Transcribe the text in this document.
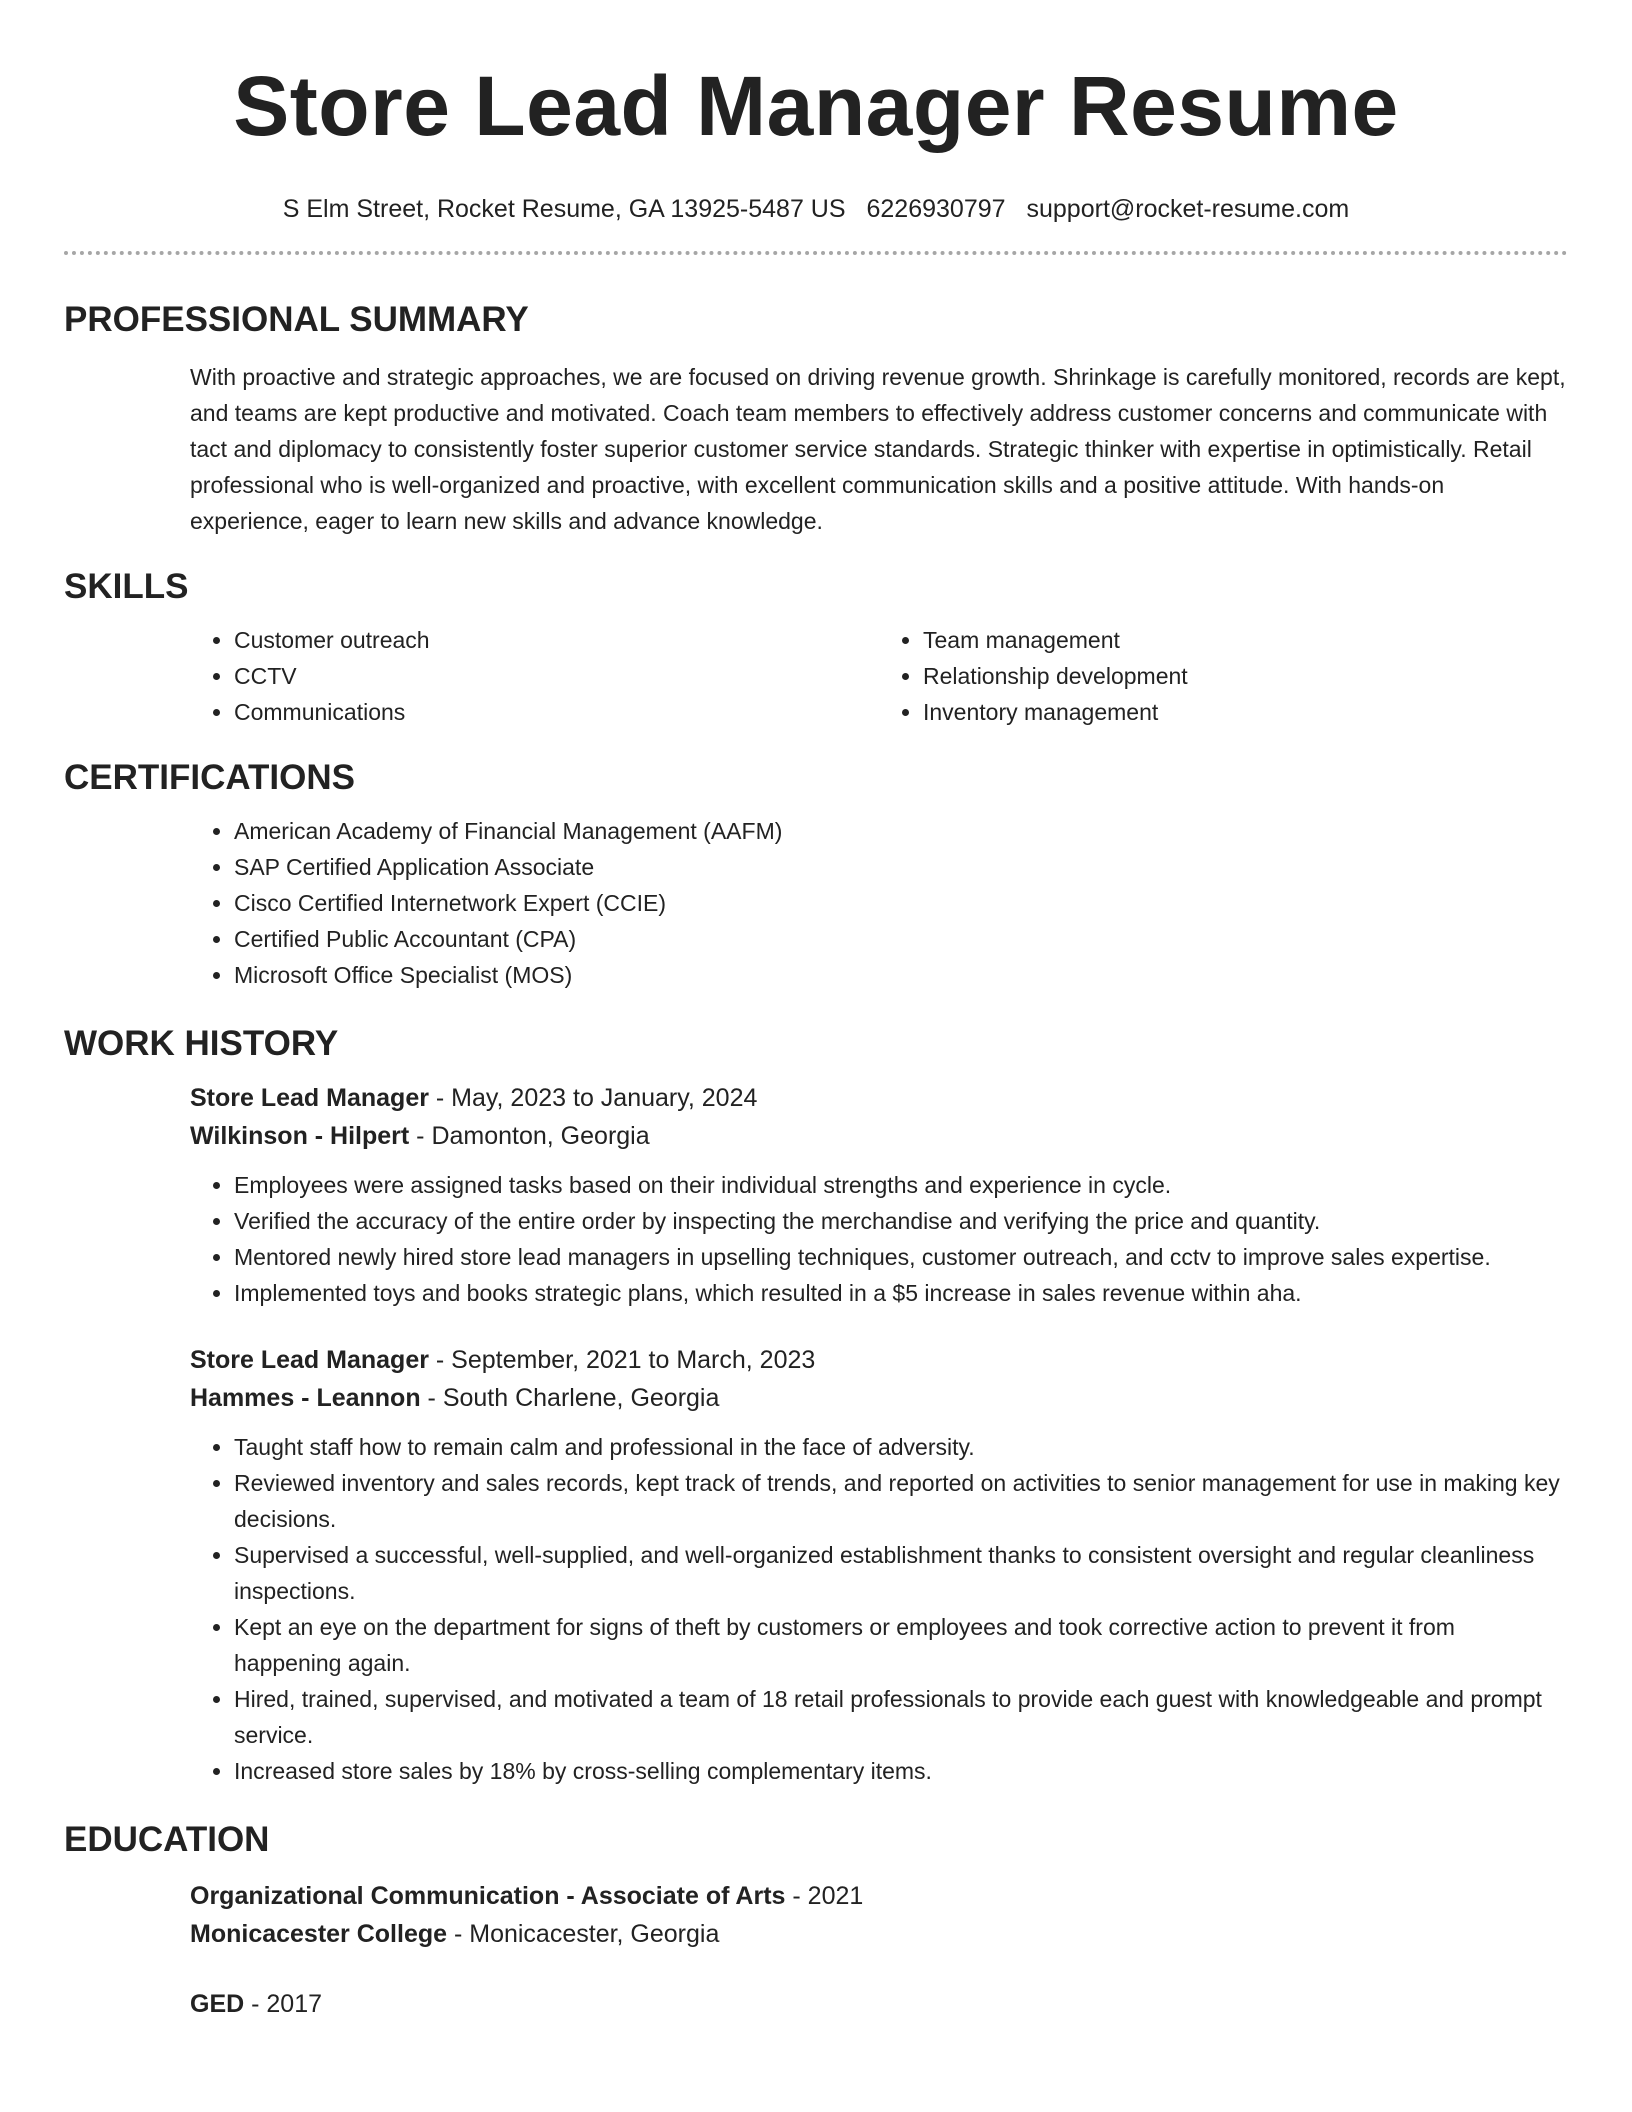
Store Lead Manager Resume
S Elm Street, Rocket Resume, GA 13925-5487 US 6226930797 support@rocket-resume.com
PROFESSIONAL SUMMARY

With proactive and strategic approaches, we are focused on driving revenue growth. Shrinkage is carefully monitored, records are kept, and teams are kept productive and motivated. Coach team members to effectively address customer concerns and communicate with tact and diplomacy to consistently foster superior customer service standards. Strategic thinker with expertise in optimistically. Retail professional who is well-organized and proactive, with excellent communication skills and a positive attitude. With hands-on experience, eager to learn new skills and advance knowledge.

SKILLS
• Customer outreach
• CCTV
• Communications
• Team management
• Relationship development
• Inventory management
CERTIFICATIONS
• American Academy of Financial Management (AAFM)
• SAP Certified Application Associate
• Cisco Certified Internetwork Expert (CCIE)
• Certified Public Accountant (CPA)
• Microsoft Office Specialist (MOS)
WORK HISTORY
Store Lead Manager - May, 2023 to January, 2024
Wilkinson - Hilpert - Damonton, Georgia
• Employees were assigned tasks based on their individual strengths and experience in cycle.
• Verified the accuracy of the entire order by inspecting the merchandise and verifying the price and quantity.
• Mentored newly hired store lead managers in upselling techniques, customer outreach, and cctv to improve sales expertise.
• Implemented toys and books strategic plans, which resulted in a $5 increase in sales revenue within aha.
Store Lead Manager - September, 2021 to March, 2023
Hammes - Leannon - South Charlene, Georgia
• Taught staff how to remain calm and professional in the face of adversity.
• Reviewed inventory and sales records, kept track of trends, and reported on activities to senior management for use in making key decisions.
• Supervised a successful, well-supplied, and well-organized establishment thanks to consistent oversight and regular cleanliness inspections.
• Kept an eye on the department for signs of theft by customers or employees and took corrective action to prevent it from happening again.
• Hired, trained, supervised, and motivated a team of 18 retail professionals to provide each guest with knowledgeable and prompt service.
• Increased store sales by 18% by cross-selling complementary items.
EDUCATION
Organizational Communication - Associate of Arts - 2021
Monicacester College - Monicacester, Georgia
GED - 2017
